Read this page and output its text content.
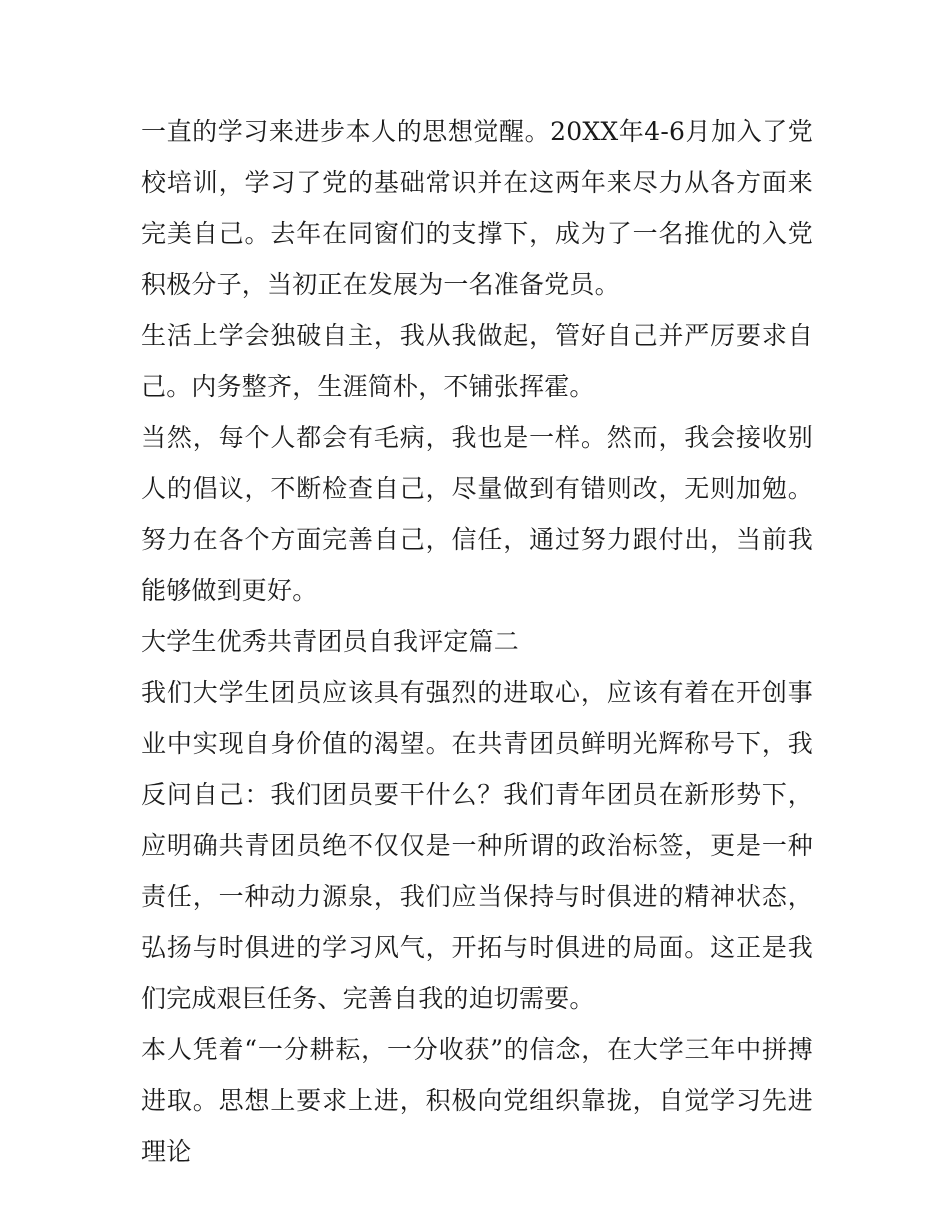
一直的学习来进步本人的思想觉醒。20XX年4-6月加入了党校培训，学习了党的基础常识并在这两年来尽力从各方面来完美自己。去年在同窗们的支撑下，成为了一名推优的入党积极分子，当初正在发展为一名准备党员。

生活上学会独破自主，我从我做起，管好自己并严厉要求自己。内务整齐，生涯简朴，不铺张挥霍。

当然，每个人都会有毛病，我也是一样。然而，我会接收别人的倡议，不断检查自己，尽量做到有错则改，无则加勉。努力在各个方面完善自己，信任，通过努力跟付出，当前我能够做到更好。

大学生优秀共青团员自我评定篇二

我们大学生团员应该具有强烈的进取心，应该有着在开创事业中实现自身价值的渴望。在共青团员鲜明光辉称号下，我反问自己：我们团员要干什么？我们青年团员在新形势下，应明确共青团员绝不仅仅是一种所谓的政治标签，更是一种责任，一种动力源泉，我们应当保持与时俱进的精神状态，弘扬与时俱进的学习风气，开拓与时俱进的局面。这正是我们完成艰巨任务、完善自我的迫切需要。

本人凭着“一分耕耘，一分收获”的信念，在大学三年中拼搏进取。思想上要求上进，积极向党组织靠拢，自觉学习先进理论
